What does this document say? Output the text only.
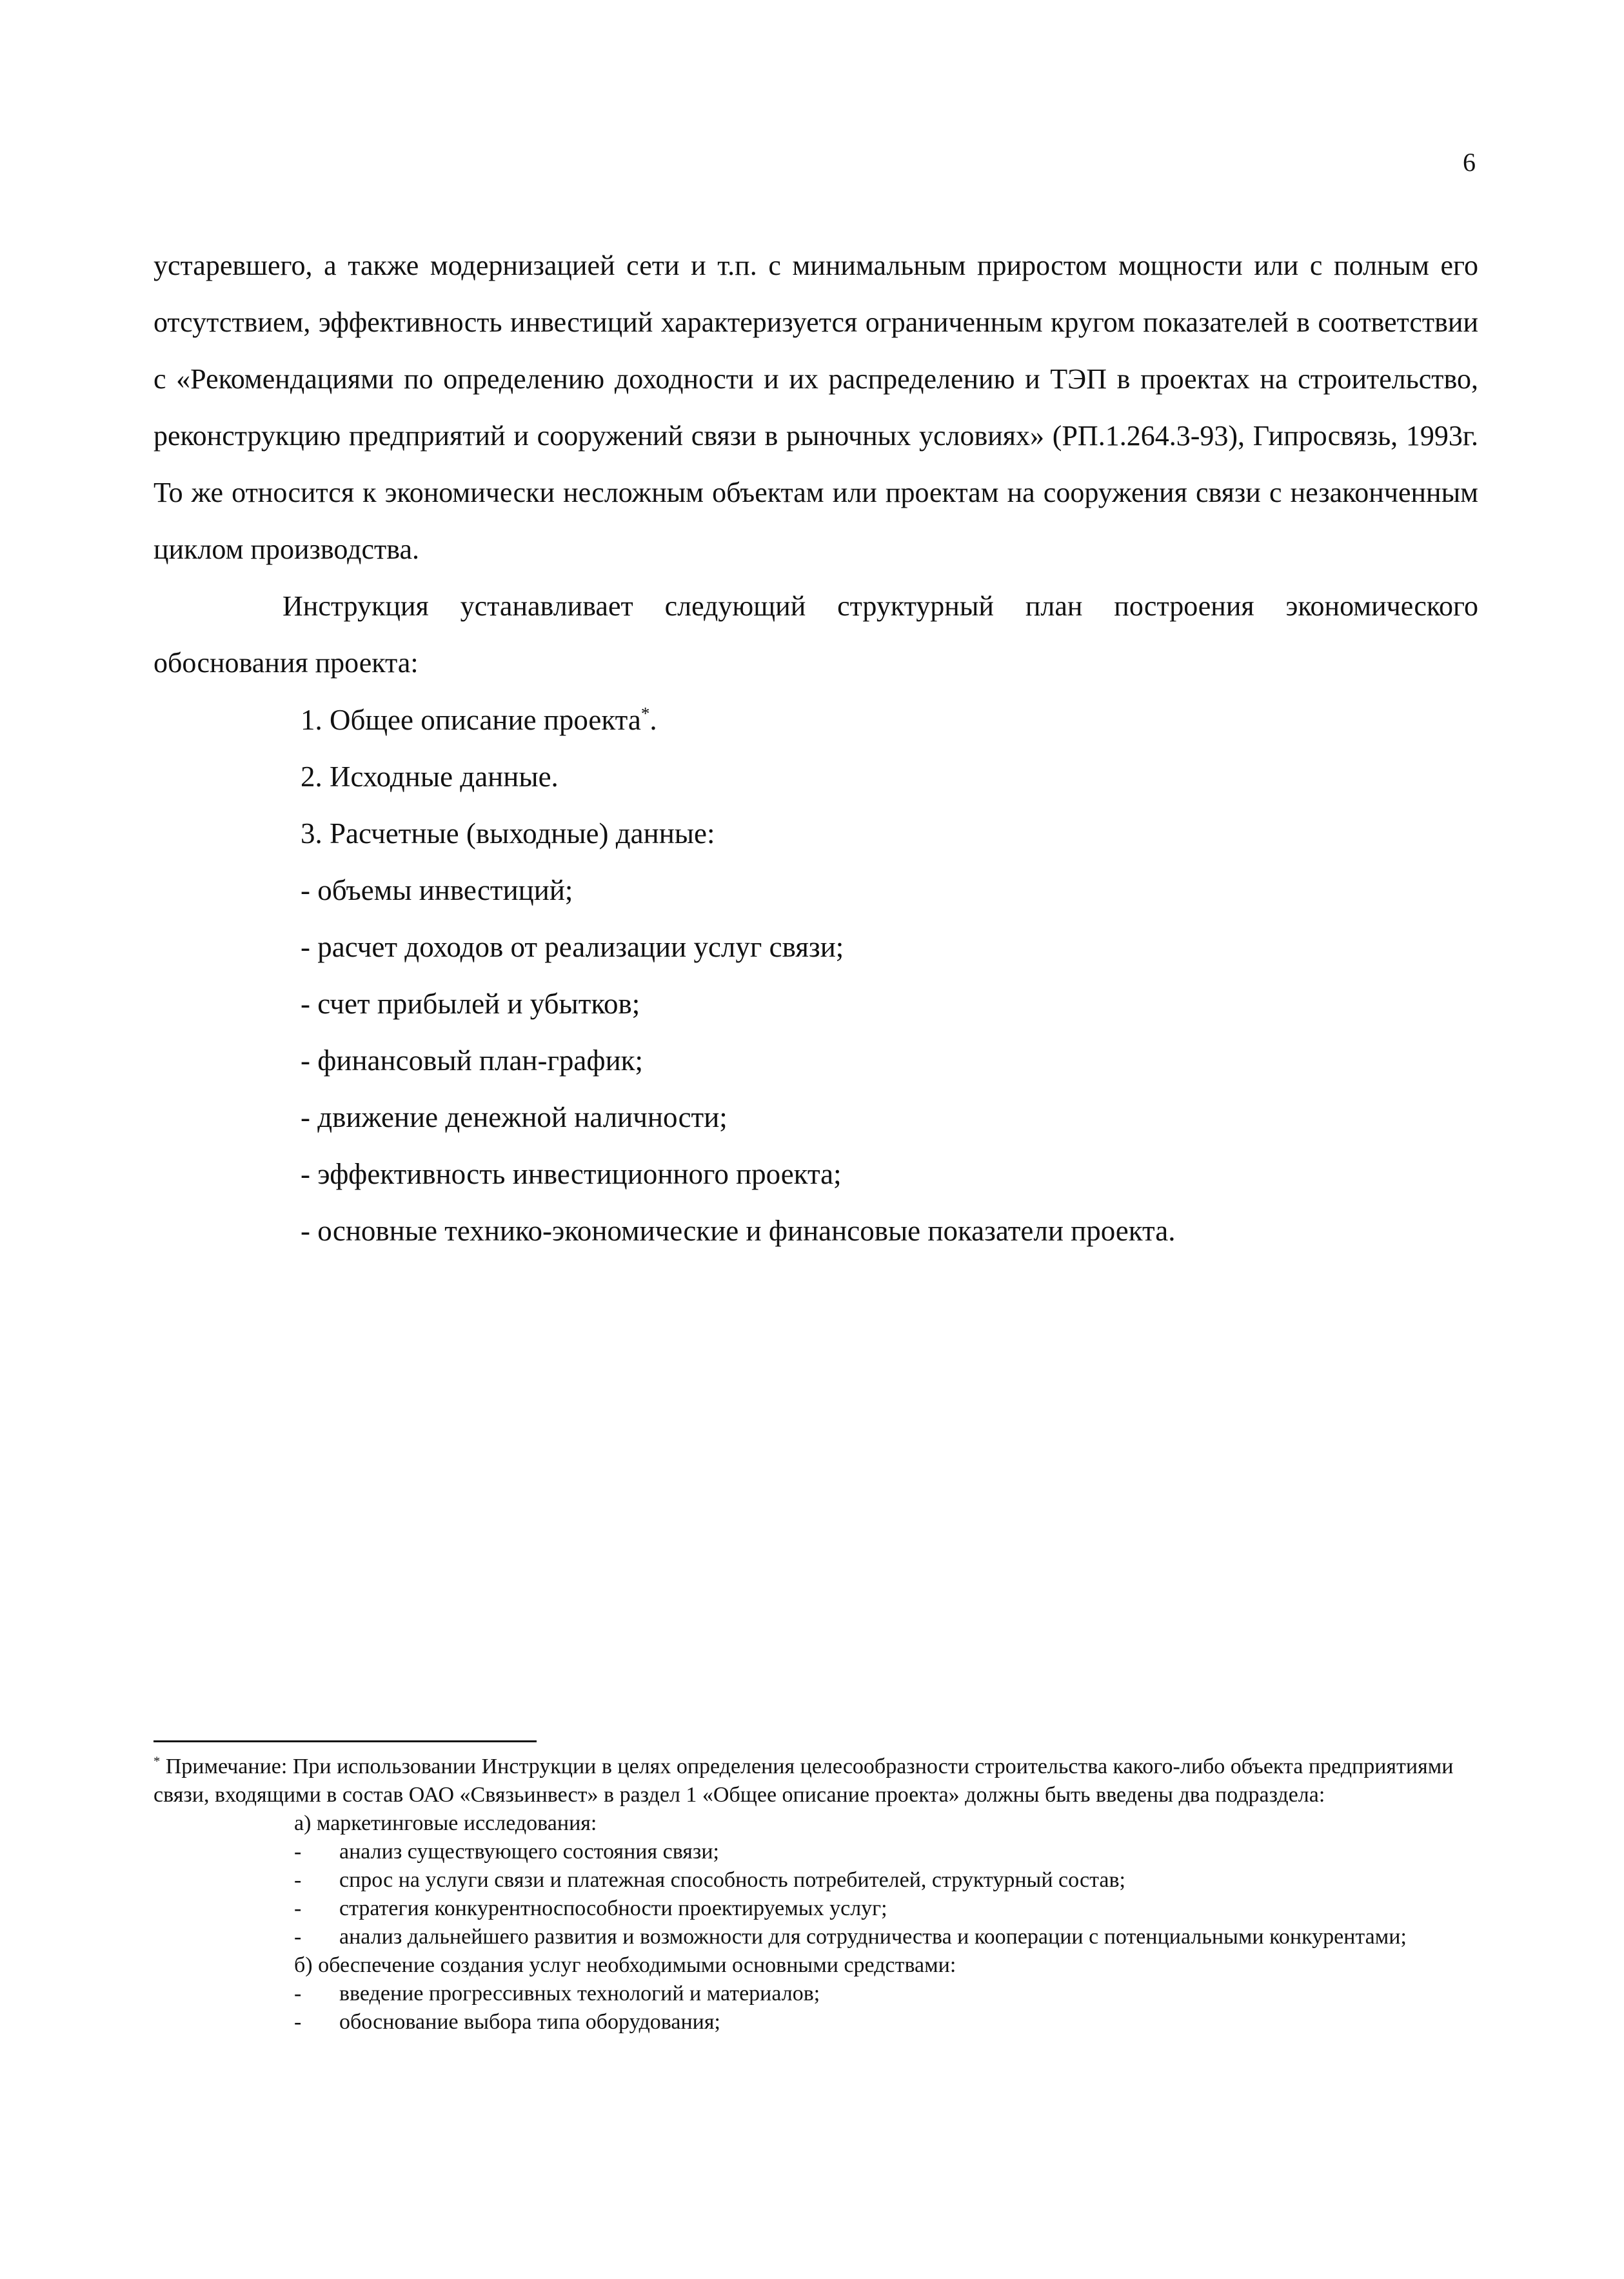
6

устаревшего, а также модернизацией сети и т.п. с минимальным приростом мощности или с полным его отсутствием, эффективность инвестиций характеризуется ограниченным кругом показателей в соответствии с «Рекомендациями по определению доходности и их распределению и ТЭП в проектах на строительство, реконструкцию предприятий и сооружений связи в рыночных условиях» (РП.1.264.3-93), Гипросвязь, 1993г. То же относится к экономически несложным объектам или проектам на сооружения связи с незаконченным циклом производства.

Инструкция устанавливает следующий структурный план построения экономического обоснования проекта:

1. Общее описание проекта*.
2. Исходные данные.
3. Расчетные (выходные) данные:
- объемы инвестиций;
- расчет доходов от реализации услуг связи;
- счет прибылей и убытков;
- финансовый план-график;
- движение денежной наличности;
- эффективность инвестиционного проекта;
- основные технико-экономические и финансовые показатели проекта.

* Примечание: При использовании Инструкции в целях определения целесообразности строительства какого-либо объекта предприятиями связи, входящими в состав ОАО «Связьинвест» в раздел 1 «Общее описание проекта» должны быть введены два подраздела:

а) маркетинговые исследования:

- анализ существующего состояния связи;
- спрос на услуги связи и платежная способность потребителей, структурный состав;
- стратегия конкурентноспособности проектируемых услуг;
- анализ дальнейшего развития и возможности для сотрудничества и кооперации с потенциальными конкурентами;

б) обеспечение создания услуг необходимыми основными средствами:

- введение прогрессивных технологий и материалов;
- обоснование выбора типа оборудования;
